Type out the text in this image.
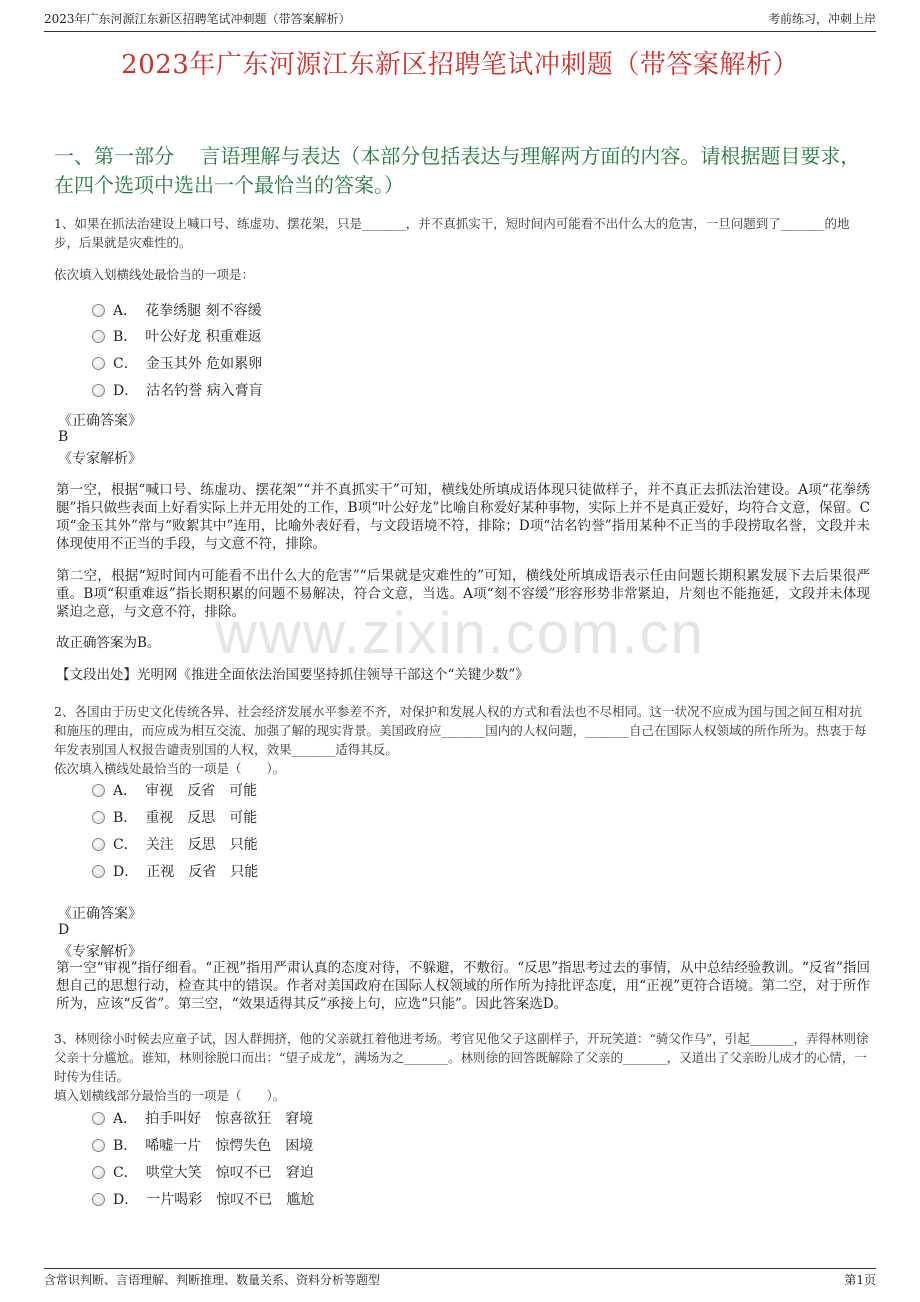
2023年广东河源江东新区招聘笔试冲刺题（带答案解析）	考前练习，冲刺上岸
2023年广东河源江东新区招聘笔试冲刺题（带答案解析）
一、第一部分　 言语理解与表达（本部分包括表达与理解两方面的内容。请根据题目要求，在四个选项中选出一个最恰当的答案。）
www.zixin.com.cn
1、如果在抓法治建设上喊口号、练虚功、摆花架，只是_______，并不真抓实干，短时间内可能看不出什么大的危害，一旦问题到了_______的地步，后果就是灾难性的。
依次填入划横线处最恰当的一项是：
A． 花拳绣腿 刻不容缓
B． 叶公好龙 积重难返
C． 金玉其外 危如累卵
D． 沽名钓誉 病入膏肓
《正确答案》
B
《专家解析》
第一空，根据“喊口号、练虚功、摆花架”“并不真抓实干”可知，横线处所填成语体现只徒做样子，并不真正去抓法治建设。A项“花拳绣腿”指只做些表面上好看实际上并无用处的工作，B项“叶公好龙”比喻自称爱好某种事物，实际上并不是真正爱好，均符合文意，保留。C项“金玉其外”常与“败絮其中”连用，比喻外表好看，与文段语境不符，排除；D项“沽名钓誉”指用某种不正当的手段捞取名誉，文段并未体现使用不正当的手段，与文意不符，排除。
第二空，根据“短时间内可能看不出什么大的危害”“后果就是灾难性的”可知，横线处所填成语表示任由问题长期积累发展下去后果很严重。B项“积重难返”指长期积累的问题不易解决，符合文意，当选。A项“刻不容缓”形容形势非常紧迫，片刻也不能拖延，文段并未体现紧迫之意，与文意不符，排除。
故正确答案为B。
【文段出处】光明网《推进全面依法治国要坚持抓住领导干部这个“关键少数”》
2、各国由于历史文化传统各异、社会经济发展水平参差不齐，对保护和发展人权的方式和看法也不尽相同。这一状况不应成为国与国之间互相对抗和施压的理由，而应成为相互交流、加强了解的现实背景。美国政府应_______国内的人权问题，_______自己在国际人权领域的所作所为。热衷于每年发表别国人权报告谴责别国的人权，效果_______适得其反。
依次填入横线处最恰当的一项是（　　）。
A． 审视　反省　可能
B． 重视　反思　可能
C． 关注　反思　只能
D． 正视　反省　只能
《正确答案》
D
《专家解析》
第一空“审视”指仔细看。“正视”指用严肃认真的态度对待，不躲避，不敷衍。“反思”指思考过去的事情，从中总结经验教训。“反省”指回想自己的思想行动，检查其中的错误。作者对美国政府在国际人权领域的所作所为持批评态度，用“正视”更符合语境。第二空，对于所作所为，应该“反省”。第三空，“效果适得其反”承接上句，应选“只能”。因此答案选D。
3、林则徐小时候去应童子试，因人群拥挤，他的父亲就扛着他进考场。考官见他父子这副样子，开玩笑道：“骑父作马”，引起_______，弄得林则徐父亲十分尴尬。谁知，林则徐脱口而出：“望子成龙”，满场为之_______。林则徐的回答既解除了父亲的_______，又道出了父亲盼儿成才的心情，一时传为佳话。
填入划横线部分最恰当的一项是（　　）。
A． 拍手叫好　惊喜欲狂　窘境
B． 唏嘘一片　惊愕失色　困境
C． 哄堂大笑　惊叹不已　窘迫
D． 一片喝彩　惊叹不已　尴尬
含常识判断、言语理解、判断推理、数量关系、资料分析等题型	第1页
